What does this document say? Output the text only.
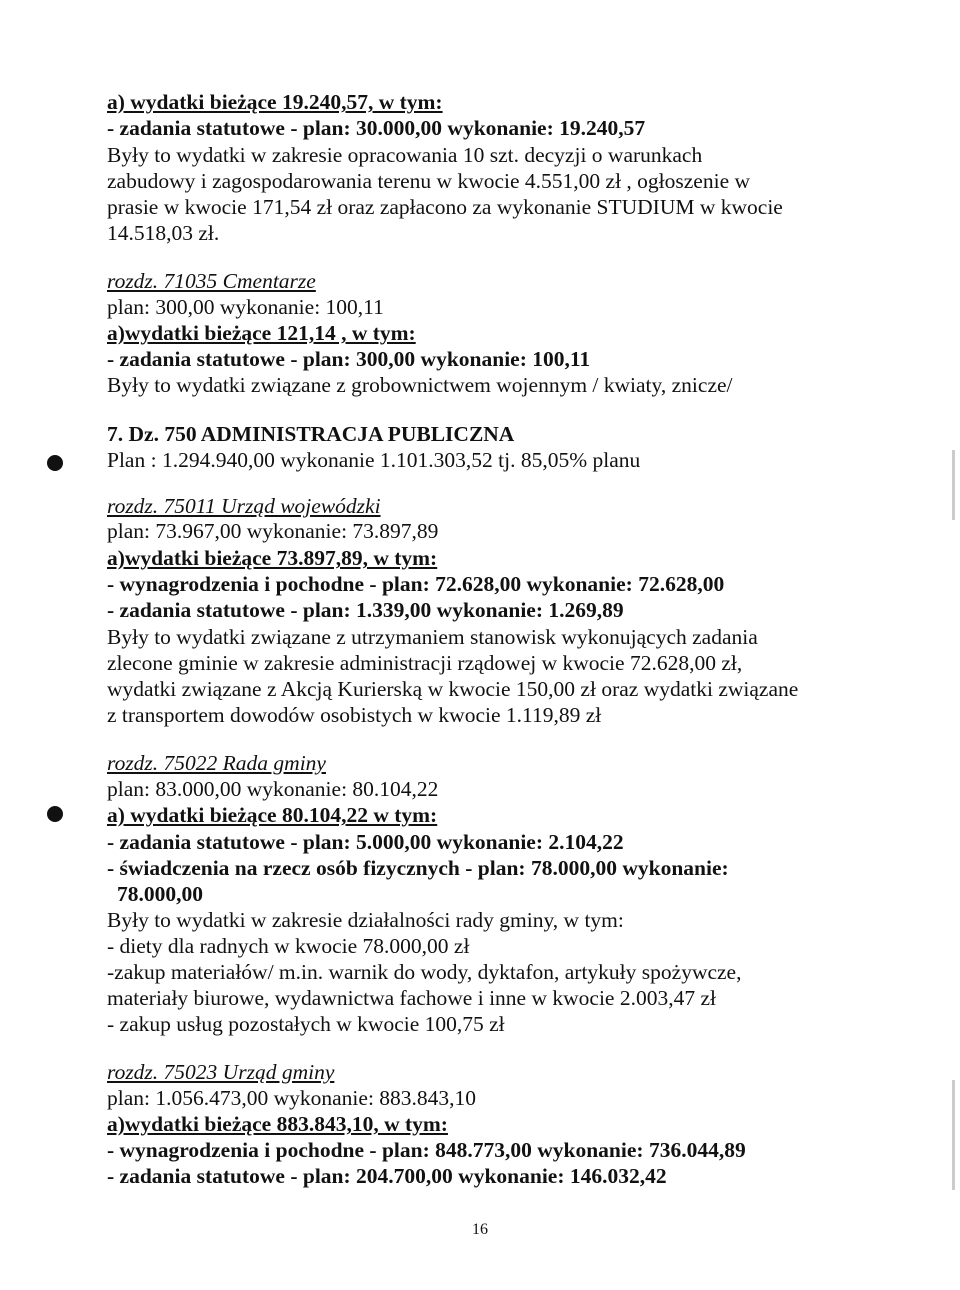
a) wydatki bieżące 19.240,57, w tym:
- zadania statutowe - plan: 30.000,00 wykonanie: 19.240,57
Były to wydatki w zakresie opracowania 10 szt. decyzji o warunkach
zabudowy i zagospodarowania terenu w kwocie 4.551,00 zł , ogłoszenie w
prasie w kwocie 171,54 zł oraz zapłacono za wykonanie STUDIUM w kwocie
14.518,03 zł.
rozdz. 71035 Cmentarze
plan: 300,00 wykonanie: 100,11
a)wydatki bieżące 121,14 , w tym:
- zadania statutowe - plan: 300,00 wykonanie: 100,11
Były to wydatki związane z grobownictwem wojennym / kwiaty, znicze/
7. Dz. 750 ADMINISTRACJA PUBLICZNA
Plan : 1.294.940,00 wykonanie 1.101.303,52 tj. 85,05% planu
rozdz. 75011 Urząd wojewódzki
plan: 73.967,00 wykonanie: 73.897,89
a)wydatki bieżące 73.897,89, w tym:
- wynagrodzenia i pochodne - plan: 72.628,00 wykonanie: 72.628,00
- zadania statutowe - plan: 1.339,00 wykonanie: 1.269,89
Były to wydatki związane z utrzymaniem stanowisk wykonujących zadania
zlecone gminie w zakresie administracji rządowej w kwocie 72.628,00 zł,
wydatki związane z Akcją Kurierską w kwocie 150,00 zł oraz wydatki związane
z transportem dowodów osobistych w kwocie 1.119,89 zł
rozdz. 75022 Rada gminy
plan: 83.000,00 wykonanie: 80.104,22
a) wydatki bieżące 80.104,22 w tym:
- zadania statutowe - plan: 5.000,00 wykonanie: 2.104,22
- świadczenia na rzecz osób fizycznych - plan: 78.000,00 wykonanie:
78.000,00
Były to wydatki w zakresie działalności rady gminy, w tym:
- diety dla radnych w kwocie 78.000,00 zł
-zakup materiałów/ m.in. warnik do wody, dyktafon, artykuły spożywcze,
materiały biurowe, wydawnictwa fachowe i inne w kwocie 2.003,47 zł
- zakup usług pozostałych w kwocie 100,75 zł
rozdz. 75023 Urząd gminy
plan: 1.056.473,00 wykonanie: 883.843,10
a)wydatki bieżące 883.843,10, w tym:
- wynagrodzenia i pochodne - plan: 848.773,00 wykonanie: 736.044,89
- zadania statutowe - plan: 204.700,00 wykonanie: 146.032,42
16
